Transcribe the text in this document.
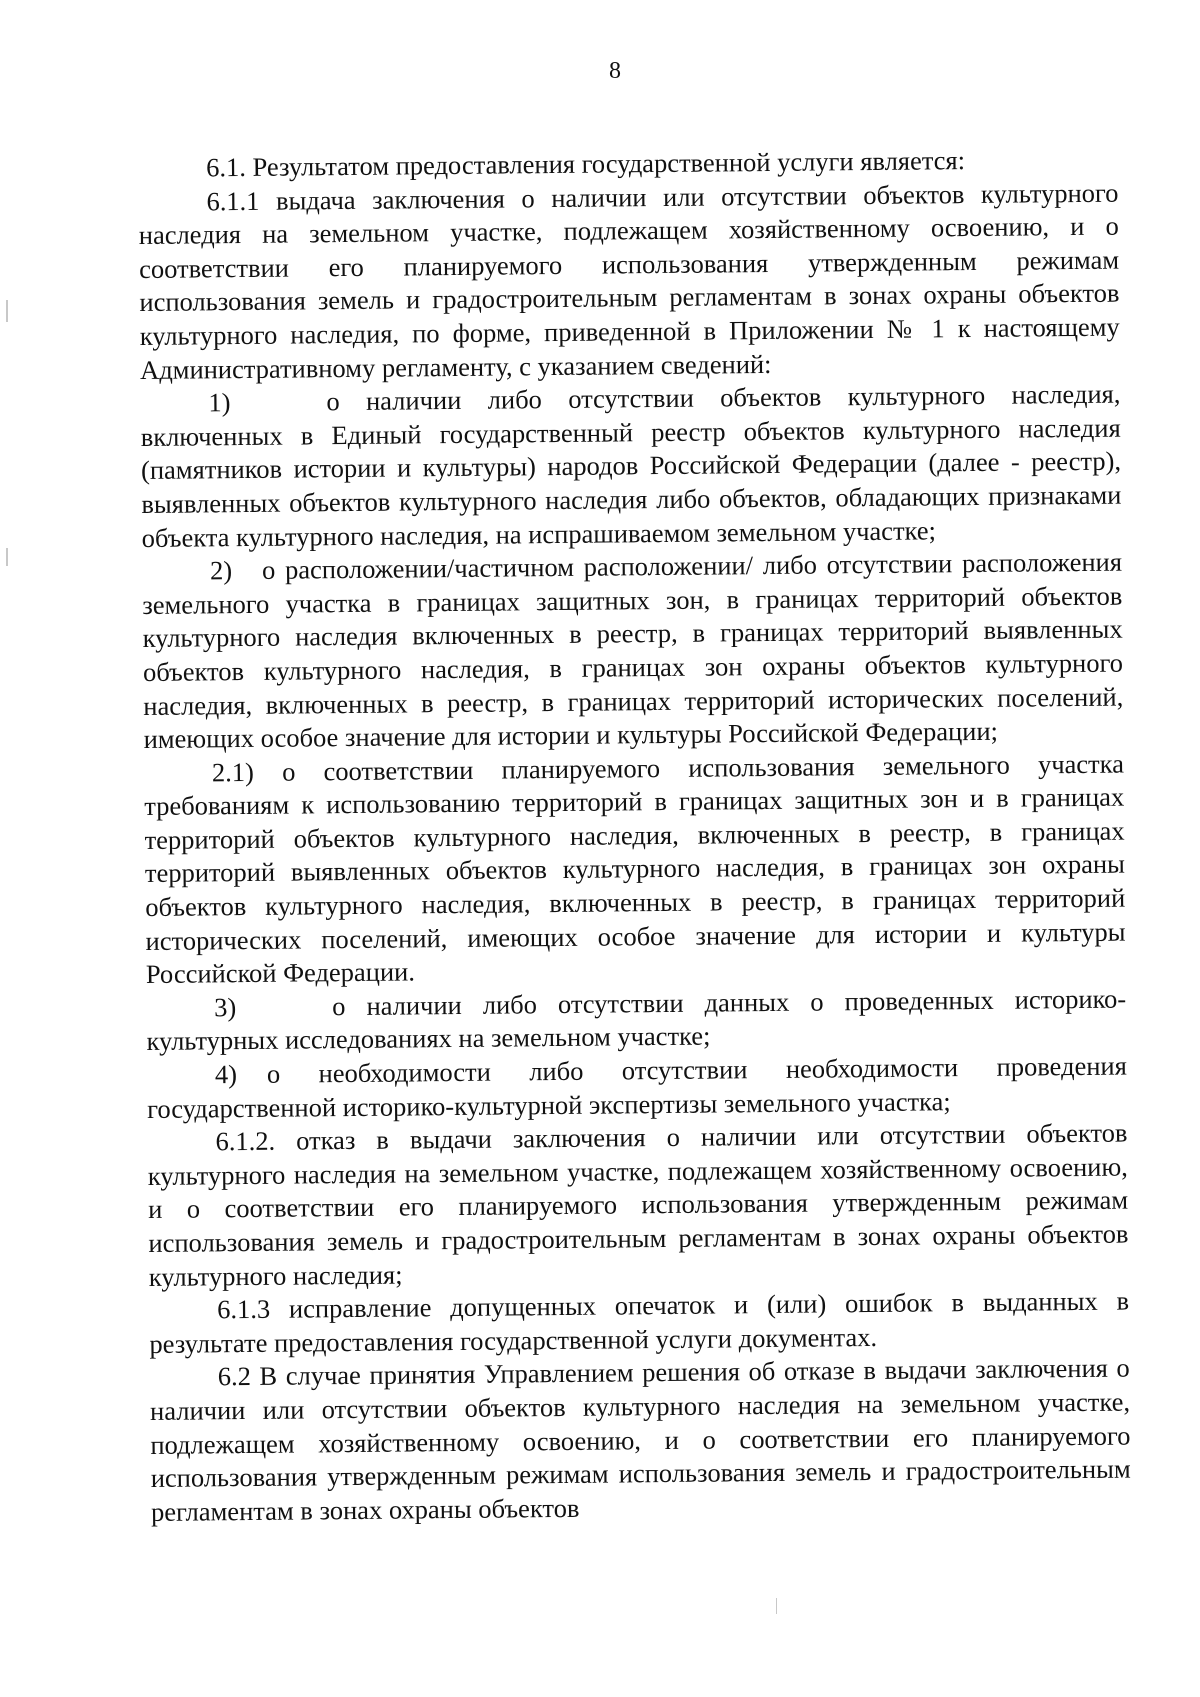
8

6.1. Результатом предоставления государственной услуги является:

6.1.1 выдача заключения о наличии или отсутствии объектов культурного наследия на земельном участке, подлежащем хозяйственному освоению, и о соответствии его планируемого использования утвержденным режимам использования земель и градостроительным регламентам в зонах охраны объектов культурного наследия, по форме, приведенной в Приложении № 1 к настоящему Административному регламенту, с указанием сведений:

1)	о наличии либо отсутствии объектов культурного наследия, включенных в Единый государственный реестр объектов культурного наследия (памятников истории и культуры) народов Российской Федерации (далее - реестр), выявленных объектов культурного наследия либо объектов, обладающих признаками объекта культурного наследия, на испрашиваемом земельном участке;

2) о расположении/частичном расположении/ либо отсутствии расположения земельного участка в границах защитных зон, в границах территорий объектов культурного наследия включенных в реестр, в границах территорий выявленных объектов культурного наследия, в границах зон охраны объектов культурного наследия, включенных в реестр, в границах территорий исторических поселений, имеющих особое значение для истории и культуры Российской Федерации;

2.1) о соответствии планируемого использования земельного участка требованиям к использованию территорий в границах защитных зон и в границах территорий объектов культурного наследия, включенных в реестр, в границах территорий выявленных объектов культурного наследия, в границах зон охраны объектов культурного наследия, включенных в реестр, в границах территорий исторических поселений, имеющих особое значение для истории и культуры Российской Федерации.

3)	о наличии либо отсутствии данных о проведенных историко-культурных исследованиях на земельном участке;

4) о необходимости либо отсутствии необходимости проведения государственной историко-культурной экспертизы земельного участка;

6.1.2. отказ в выдачи заключения о наличии или отсутствии объектов культурного наследия на земельном участке, подлежащем хозяйственному освоению, и о соответствии его планируемого использования утвержденным режимам использования земель и градостроительным регламентам в зонах охраны объектов культурного наследия;

6.1.3 исправление допущенных опечаток и (или) ошибок в выданных в результате предоставления государственной услуги документах.

6.2 В случае принятия Управлением решения об отказе в выдачи заключения о наличии или отсутствии объектов культурного наследия на земельном участке, подлежащем хозяйственному освоению, и о соответствии его планируемого использования утвержденным режимам использования земель и градостроительным регламентам в зонах охраны объектов
